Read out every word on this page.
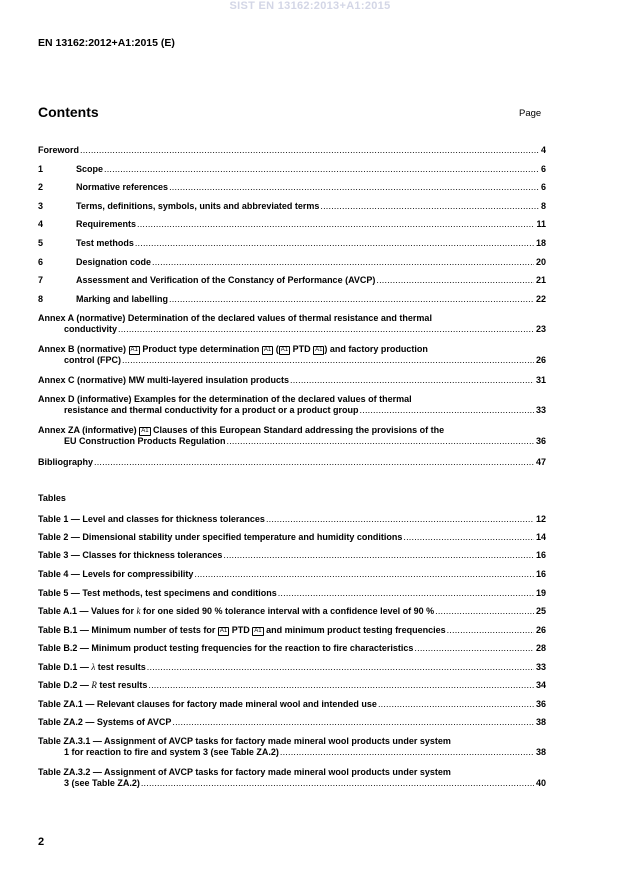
SIST EN 13162:2013+A1:2015
EN 13162:2012+A1:2015 (E)
Contents	Page
Foreword .....	4
1	Scope .....	6
2	Normative references .....	6
3	Terms, definitions, symbols, units and abbreviated terms .....	8
4	Requirements .....	11
5	Test methods .....	18
6	Designation code .....	20
7	Assessment and Verification of the Constancy of Performance (AVCP) .....	21
8	Marking and labelling .....	22
Annex A (normative) Determination of the declared values of thermal resistance and thermal
conductivity .....	23
Annex B (normative) A1 Product type determination A1 ( A1 PTD A1 ) and factory production
control (FPC) .....	26
Annex C (normative) MW multi-layered insulation products .....	31
Annex D (informative) Examples for the determination of the declared values of thermal
resistance and thermal conductivity for a product or a product group .....	33
Annex ZA (informative) A1 Clauses of this European Standard addressing the provisions of the
EU Construction Products Regulation .....	36
Bibliography .....	47
Tables
Table 1 — Level and classes for thickness tolerances .....	12
Table 2 — Dimensional stability under specified temperature and humidity conditions .....	14
Table 3 — Classes for thickness tolerances .....	16
Table 4 — Levels for compressibility .....	16
Table 5 — Test methods, test specimens and conditions .....	19
Table A.1 — Values for k for one sided 90 % tolerance interval with a confidence level of 90 % .....	25
Table B.1 — Minimum number of tests for A1 PTD A1 and minimum product testing frequencies .....	26
Table B.2 — Minimum product testing frequencies for the reaction to fire characteristics .....	28
Table D.1 — λ test results .....	33
Table D.2 — R test results .....	34
Table ZA.1 — Relevant clauses for factory made mineral wool and intended use .....	36
Table ZA.2 — Systems of AVCP .....	38
Table ZA.3.1 — Assignment of AVCP tasks for factory made mineral wool products under system
1 for reaction to fire and system 3 (see Table ZA.2) .....	38
Table ZA.3.2 — Assignment of AVCP tasks for factory made mineral wool products under system
3 (see Table ZA.2) .....	40
2
